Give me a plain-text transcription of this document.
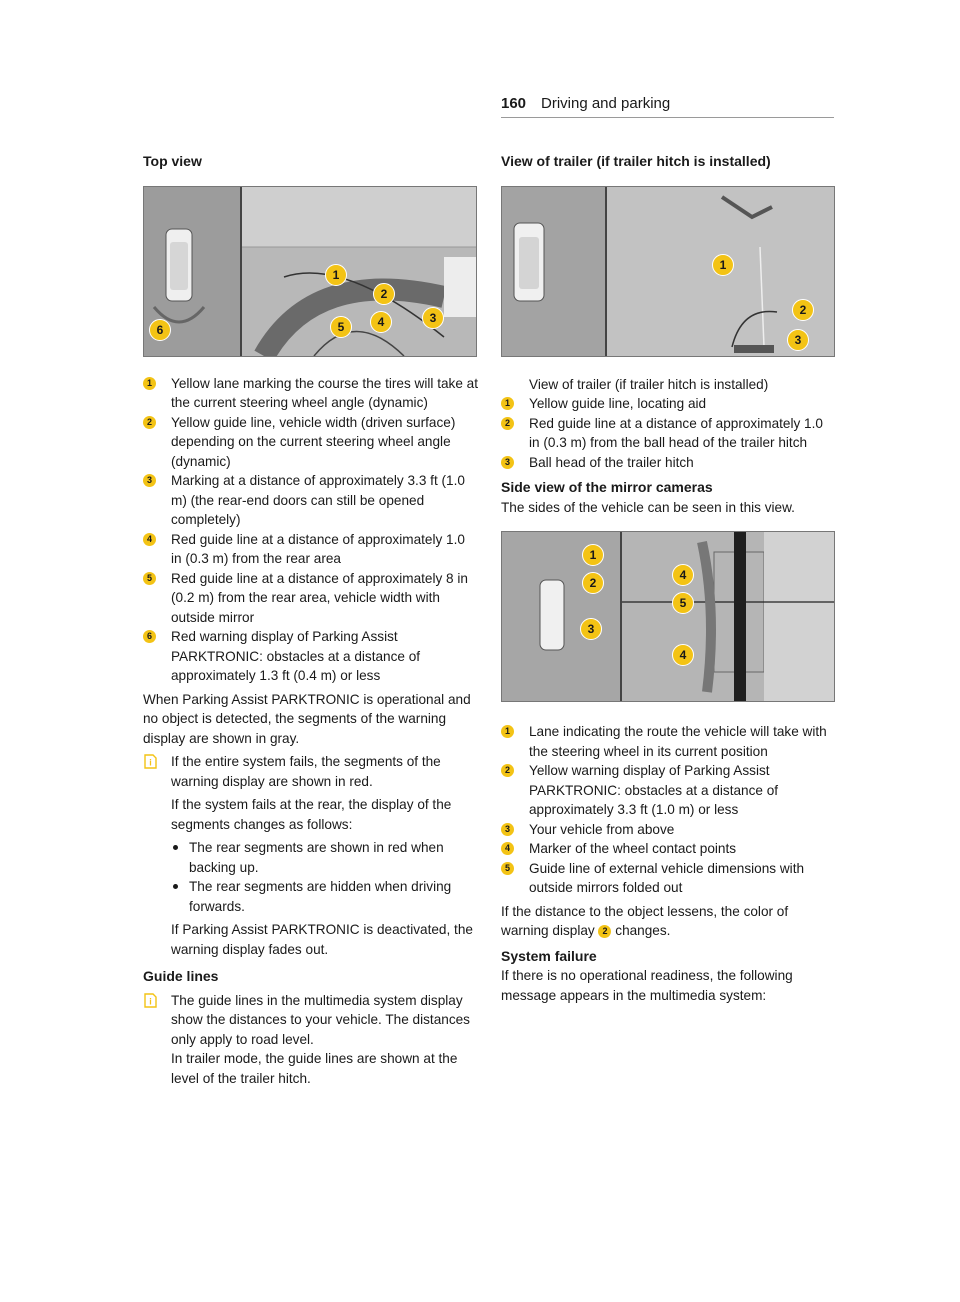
160 Driving and parking
Top view
1
2
3
4
5
6

1 Yellow lane marking the course the tires will take at the current steering wheel angle (dynamic)

2 Yellow guide line, vehicle width (driven surface) depending on the current steering wheel angle (dynamic)

3 Marking at a distance of approximately 3.3 ft (1.0 m) (the rear-end doors can still be opened completely)

4 Red guide line at a distance of approximately 1.0 in (0.3 m) from the rear area

5 Red guide line at a distance of approximately 8 in (0.2 m) from the rear area, vehicle width with outside mirror

6 Red warning display of Parking Assist PARKTRONIC: obstacles at a distance of approximately 1.3 ft (0.4 m) or less

When Parking Assist PARKTRONIC is operational and no object is detected, the segments of the warning display are shown in gray.

i If the entire system fails, the segments of the warning display are shown in red.

If the system fails at the rear, the display of the segments changes as follows:

The rear segments are shown in red when backing up.

The rear segments are hidden when driving forwards.

If Parking Assist PARKTRONIC is deactivated, the warning display fades out.

Guide lines
i The guide lines in the multimedia system display show the distances to your vehicle. The distances only apply to road level.

In trailer mode, the guide lines are shown at the level of the trailer hitch.

View of trailer (if trailer hitch is installed)
1
2
3

View of trailer (if trailer hitch is installed)

1 Yellow guide line, locating aid

2 Red guide line at a distance of approximately 1.0 in (0.3 m) from the ball head of the trailer hitch

3 Ball head of the trailer hitch

Side view of the mirror cameras

The sides of the vehicle can be seen in this view.

1
2
3
4
5
4

1 Lane indicating the route the vehicle will take with the steering wheel in its current position

2 Yellow warning display of Parking Assist PARKTRONIC: obstacles at a distance of approximately 3.3 ft (1.0 m) or less

3 Your vehicle from above

4 Marker of the wheel contact points

5 Guide line of external vehicle dimensions with outside mirrors folded out

If the distance to the object lessens, the color of warning display 2 changes.

System failure

If there is no operational readiness, the following message appears in the multimedia system:
